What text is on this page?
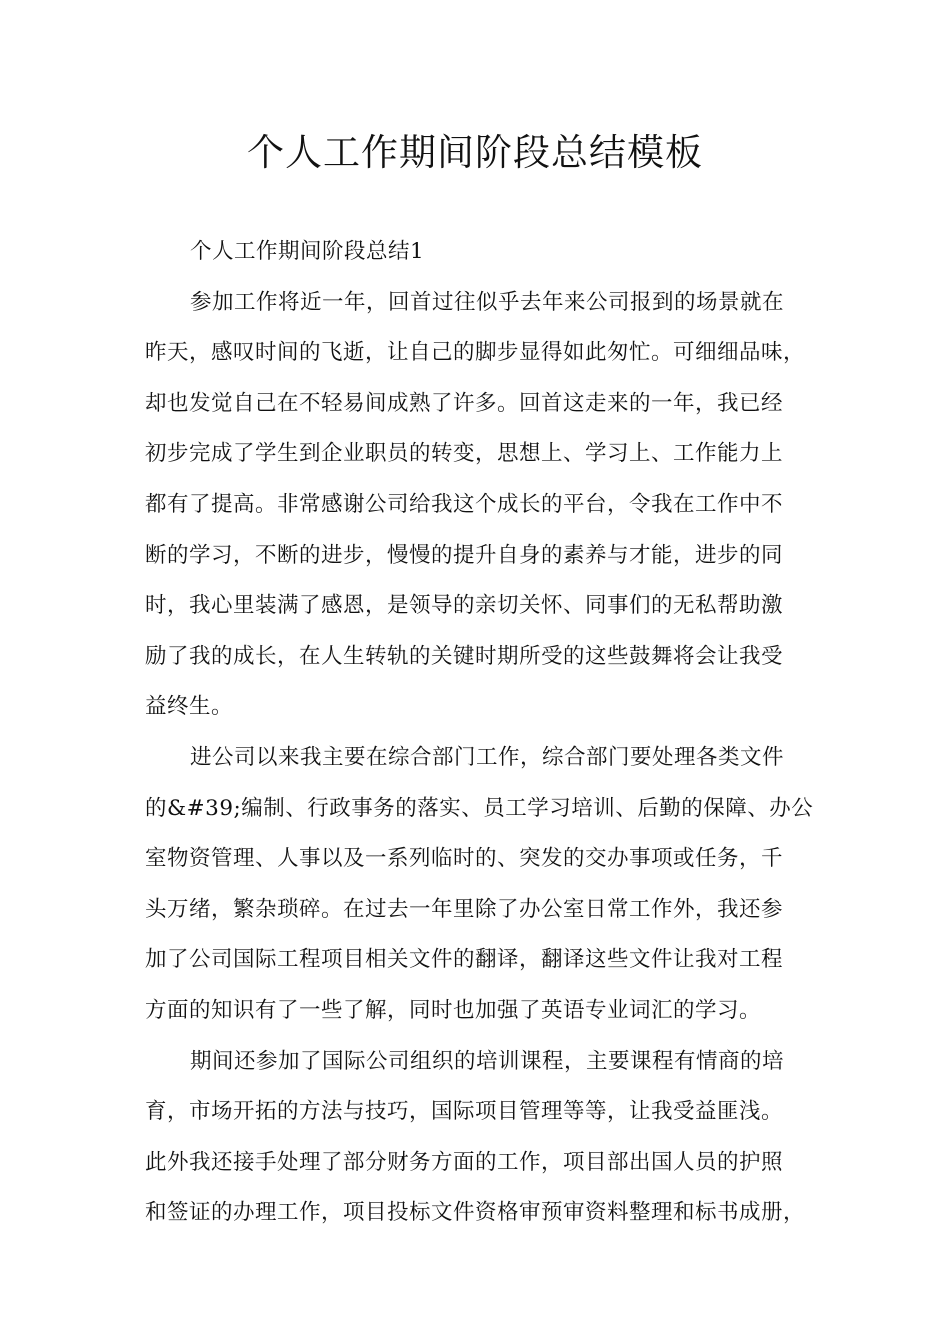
个人工作期间阶段总结模板
个人工作期间阶段总结1
参加工作将近一年，回首过往似乎去年来公司报到的场景就在
昨天，感叹时间的飞逝，让自己的脚步显得如此匆忙。可细细品味，
却也发觉自己在不轻易间成熟了许多。回首这走来的一年，我已经
初步完成了学生到企业职员的转变，思想上、学习上、工作能力上
都有了提高。非常感谢公司给我这个成长的平台，令我在工作中不
断的学习，不断的进步，慢慢的提升自身的素养与才能，进步的同
时，我心里装满了感恩，是领导的亲切关怀、同事们的无私帮助激
励了我的成长，在人生转轨的关键时期所受的这些鼓舞将会让我受
益终生。
进公司以来我主要在综合部门工作，综合部门要处理各类文件
的&#39;编制、行政事务的落实、员工学习培训、后勤的保障、办公
室物资管理、人事以及一系列临时的、突发的交办事项或任务，千
头万绪，繁杂琐碎。在过去一年里除了办公室日常工作外，我还参
加了公司国际工程项目相关文件的翻译，翻译这些文件让我对工程
方面的知识有了一些了解，同时也加强了英语专业词汇的学习。
期间还参加了国际公司组织的培训课程，主要课程有情商的培
育，市场开拓的方法与技巧，国际项目管理等等，让我受益匪浅。
此外我还接手处理了部分财务方面的工作，项目部出国人员的护照
和签证的办理工作，项目投标文件资格审预审资料整理和标书成册，
